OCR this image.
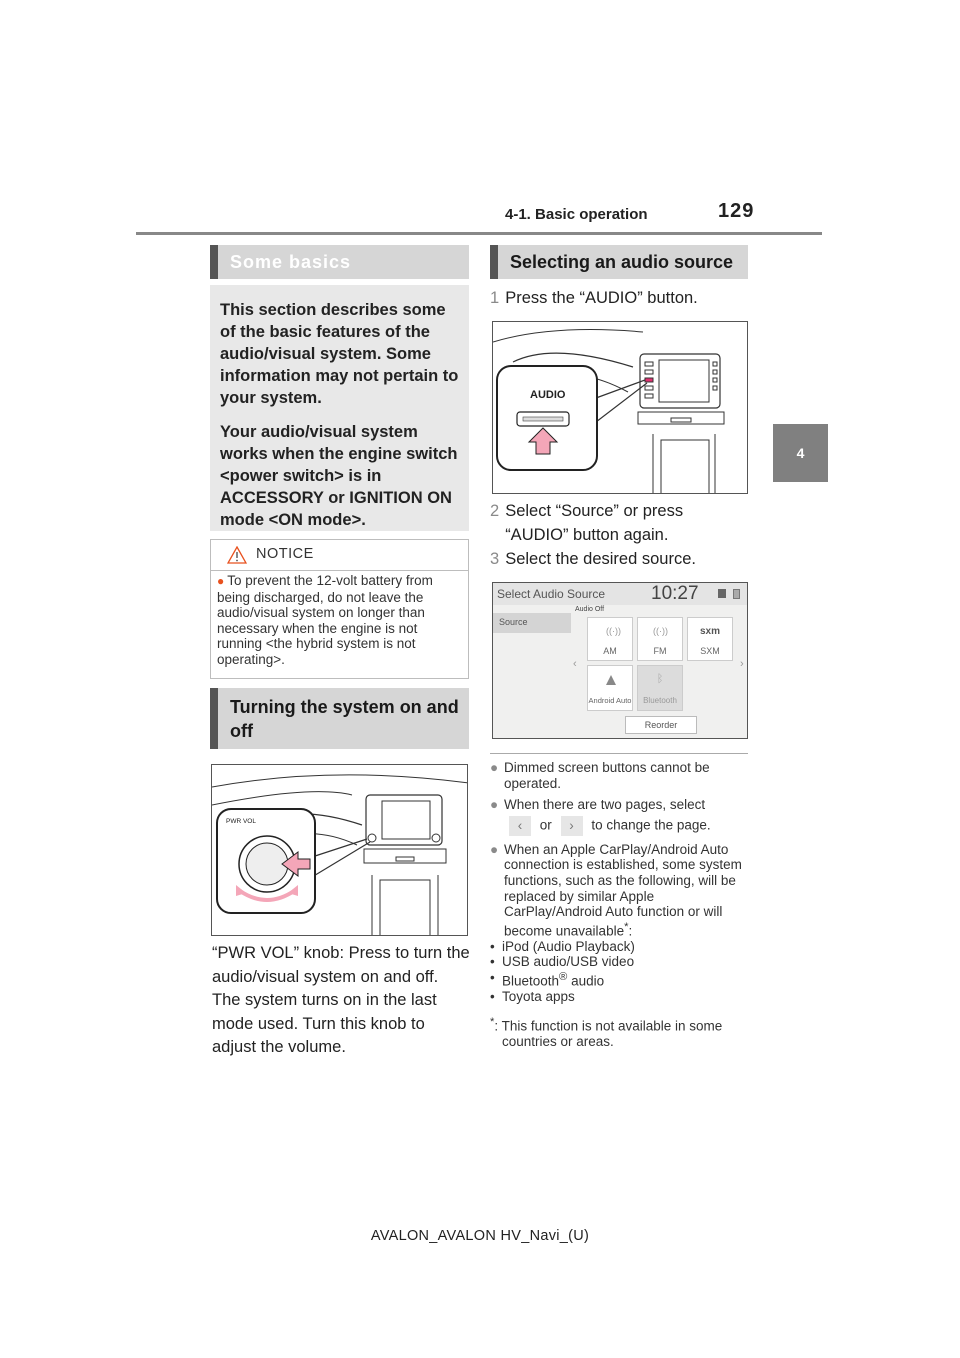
4-1. Basic operation	129
4
Some basics

This section describes some of the basic features of the audio/visual system. Some information may not pertain to your system.

Your audio/visual system works when the engine switch <power switch> is in ACCESSORY or IGNITION ON mode <ON mode>.

NOTICE
● To prevent the 12-volt battery from being discharged, do not leave the audio/visual system on longer than necessary when the engine is not running <the hybrid system is not operating>.
Turning the system on and off
PWR VOL
“PWR VOL” knob: Press to turn the audio/visual system on and off. The system turns on in the last mode used. Turn this knob to adjust the volume.
Selecting an audio source
1 Press the “AUDIO” button.
AUDIO
2 Select “Source” or press “AUDIO” button again.
3 Select the desired source.
Select Audio Source 10:27
Audio Off
Source
‹	›
((·))
AM
((·))
FM
sxm
SXM
Android Auto
ᛒ
Bluetooth
Reorder
● Dimmed screen buttons cannot be operated.
● When there are two pages, select
‹ or › to change the page.
● When an Apple CarPlay/Android Auto connection is established, some system functions, such as the following, will be replaced by similar Apple CarPlay/Android Auto function or will become unavailable*:
• iPod (Audio Playback)
• USB audio/USB video
• Bluetooth® audio
• Toyota apps
*: This function is not available in some countries or areas.
AVALON_AVALON HV_Navi_(U)
